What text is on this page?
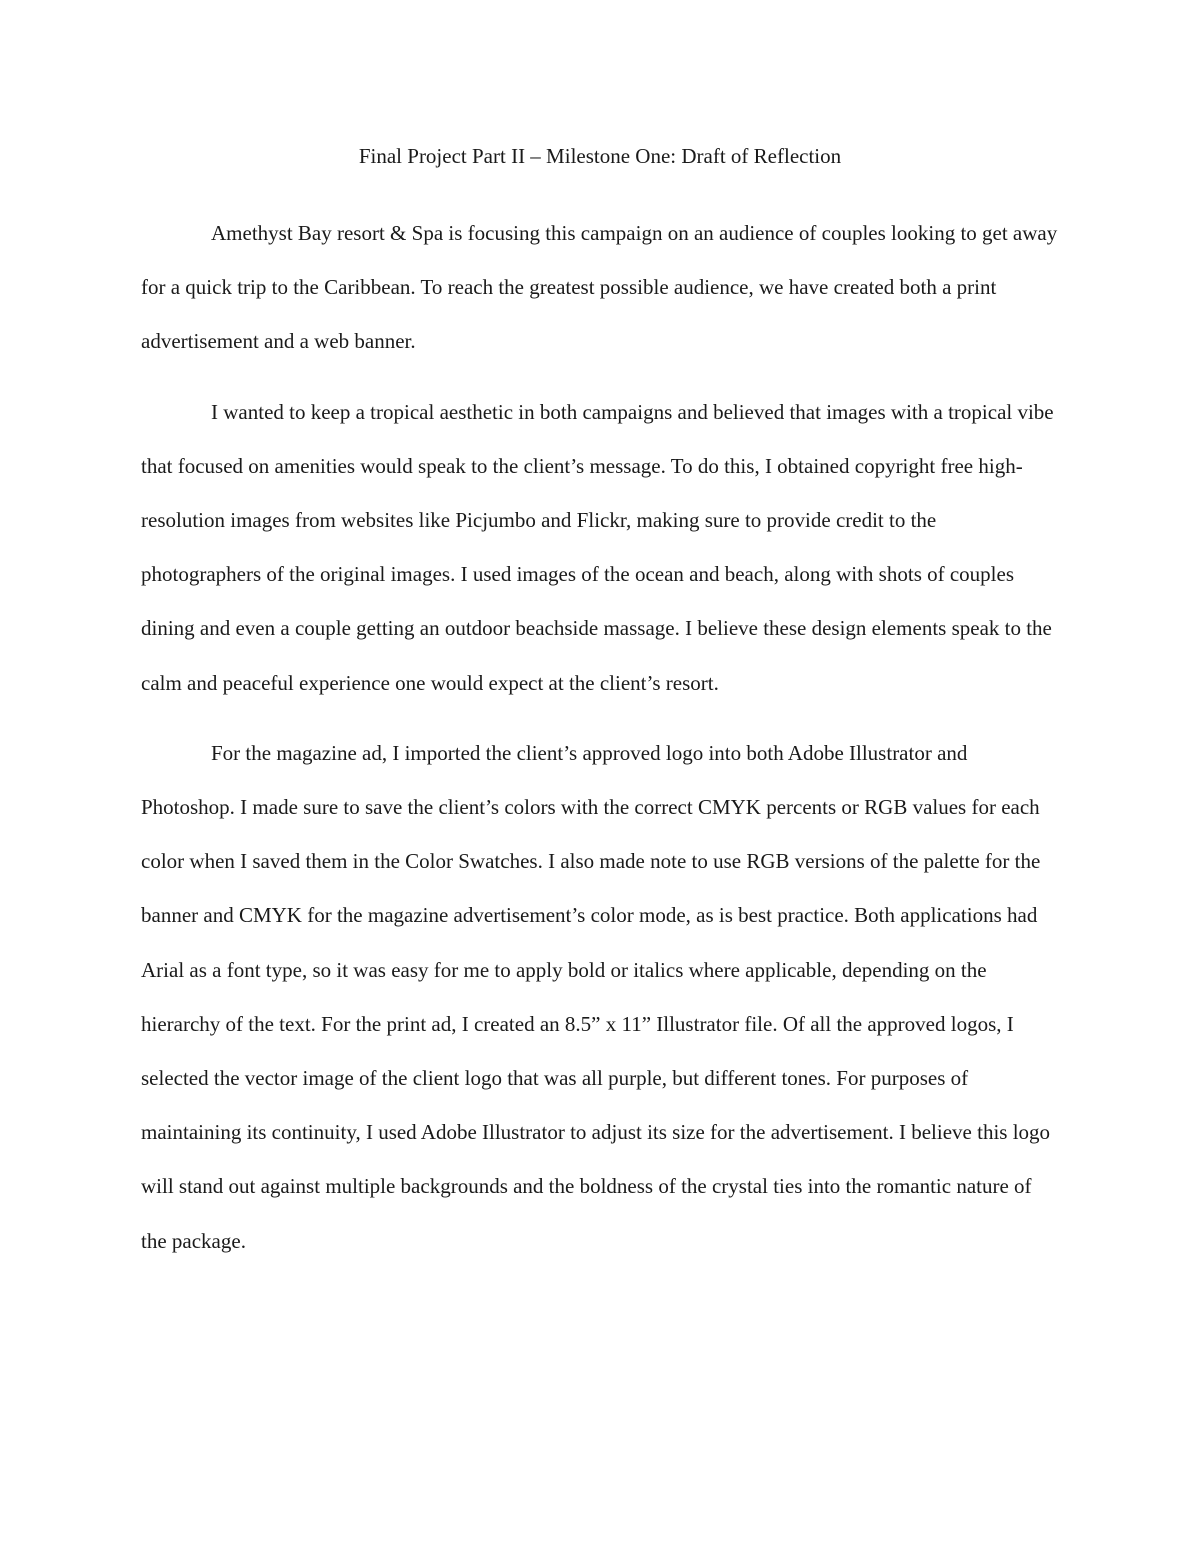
Final Project Part II – Milestone One: Draft of Reflection

Amethyst Bay resort & Spa is focusing this campaign on an audience of couples looking to get away for a quick trip to the Caribbean. To reach the greatest possible audience, we have created both a print advertisement and a web banner.

I wanted to keep a tropical aesthetic in both campaigns and believed that images with a tropical vibe that focused on amenities would speak to the client’s message. To do this, I obtained copyright free high-resolution images from websites like Picjumbo and Flickr, making sure to provide credit to the photographers of the original images. I used images of the ocean and beach, along with shots of couples dining and even a couple getting an outdoor beachside massage. I believe these design elements speak to the calm and peaceful experience one would expect at the client’s resort.

For the magazine ad, I imported the client’s approved logo into both Adobe Illustrator and Photoshop. I made sure to save the client’s colors with the correct CMYK percents or RGB values for each color when I saved them in the Color Swatches. I also made note to use RGB versions of the palette for the banner and CMYK for the magazine advertisement’s color mode, as is best practice. Both applications had Arial as a font type, so it was easy for me to apply bold or italics where applicable, depending on the hierarchy of the text. For the print ad, I created an 8.5” x 11” Illustrator file. Of all the approved logos, I selected the vector image of the client logo that was all purple, but different tones. For purposes of maintaining its continuity, I used Adobe Illustrator to adjust its size for the advertisement. I believe this logo will stand out against multiple backgrounds and the boldness of the crystal ties into the romantic nature of the package.
